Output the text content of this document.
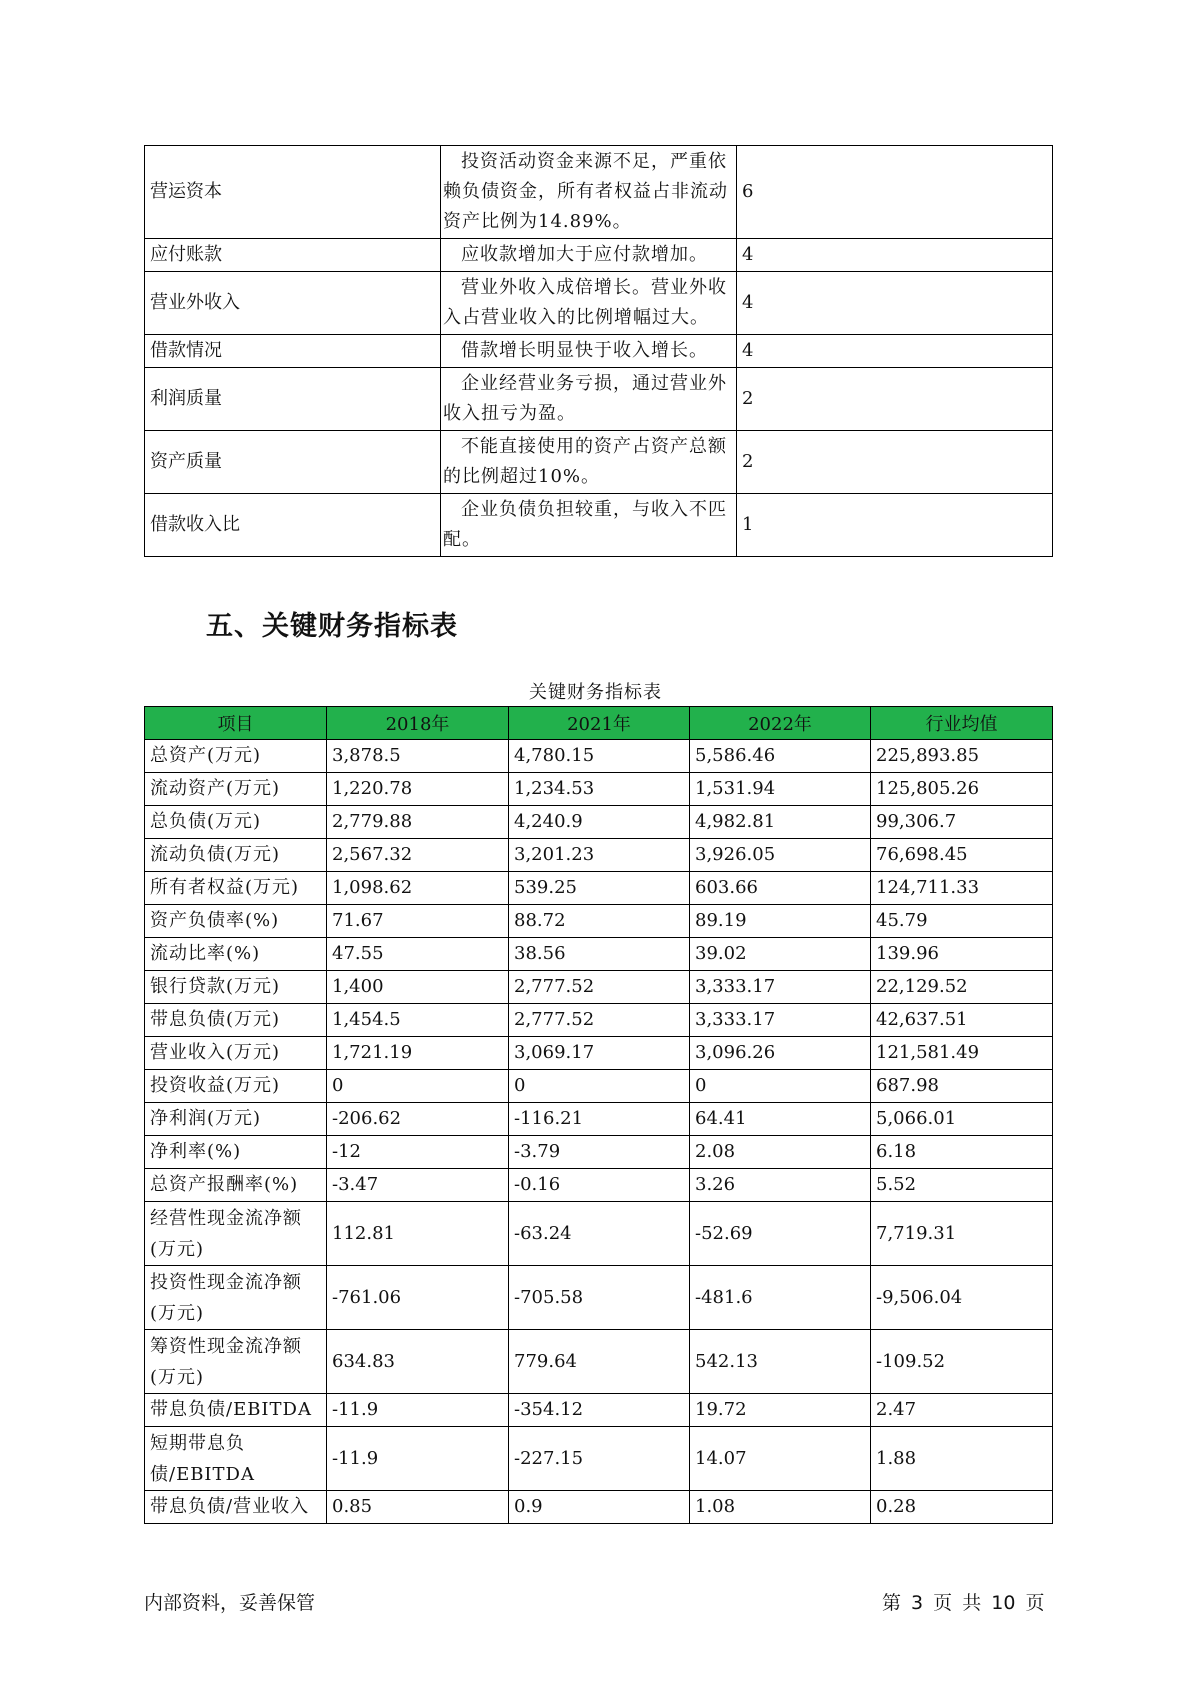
营运资本	投资活动资金来源不足，严重依赖负债资金，所有者权益占非流动资产比例为14.89%。	6
应付账款	应收款增加大于应付款增加。	4
营业外收入	营业外收入成倍增长。营业外收入占营业收入的比例增幅过大。	4
借款情况	借款增长明显快于收入增长。	4
利润质量	企业经营业务亏损，通过营业外收入扭亏为盈。	2
资产质量	不能直接使用的资产占资产总额的比例超过10%。	2
借款收入比	企业负债负担较重，与收入不匹配。	1
五、关键财务指标表
关键财务指标表
项目	2018年	2021年	2022年	行业均值
总资产(万元)	3,878.5	4,780.15	5,586.46	225,893.85
流动资产(万元)	1,220.78	1,234.53	1,531.94	125,805.26
总负债(万元)	2,779.88	4,240.9	4,982.81	99,306.7
流动负债(万元)	2,567.32	3,201.23	3,926.05	76,698.45
所有者权益(万元)	1,098.62	539.25	603.66	124,711.33
资产负债率(%)	71.67	88.72	89.19	45.79
流动比率(%)	47.55	38.56	39.02	139.96
银行贷款(万元)	1,400	2,777.52	3,333.17	22,129.52
带息负债(万元)	1,454.5	2,777.52	3,333.17	42,637.51
营业收入(万元)	1,721.19	3,069.17	3,096.26	121,581.49
投资收益(万元)	0	0	0	687.98
净利润(万元)	-206.62	-116.21	64.41	5,066.01
净利率(%)	-12	-3.79	2.08	6.18
总资产报酬率(%)	-3.47	-0.16	3.26	5.52
经营性现金流净额(万元)	112.81	-63.24	-52.69	7,719.31
投资性现金流净额(万元)	-761.06	-705.58	-481.6	-9,506.04
筹资性现金流净额(万元)	634.83	779.64	542.13	-109.52
带息负债/EBITDA	-11.9	-354.12	19.72	2.47
短期带息负债/EBITDA	-11.9	-227.15	14.07	1.88
带息负债/营业收入	0.85	0.9	1.08	0.28
内部资料，妥善保管	第 3 页 共 10 页
